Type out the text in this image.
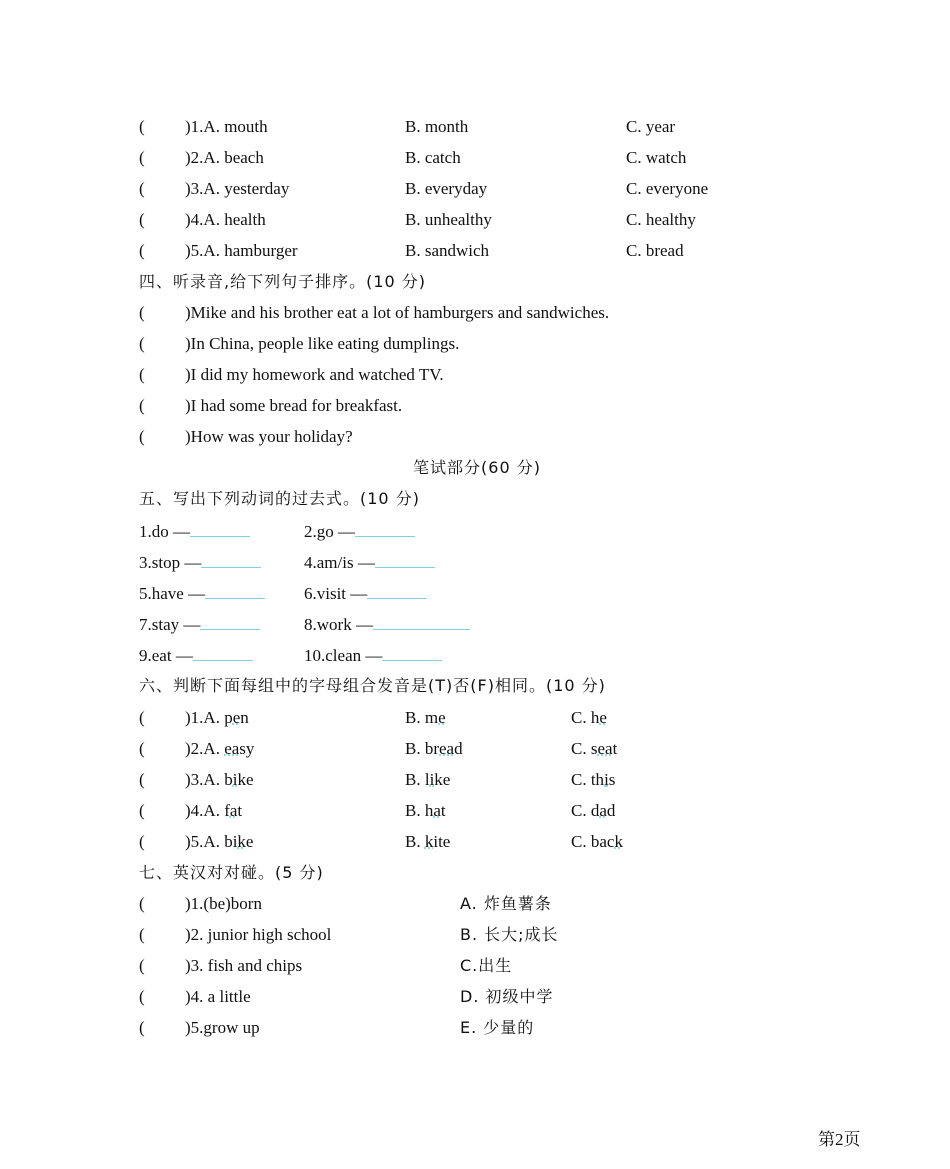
( )1.A. mouth	B. month	C. year
( )2.A. beach	B. catch	C. watch
( )3.A. yesterday	B. everyday	C. everyone
( )4.A. health	B. unhealthy	C. healthy
( )5.A. hamburger	B. sandwich	C. bread
四、听录音,给下列句子排序。(10 分)
( )Mike and his brother eat a lot of hamburgers and sandwiches.
( )In China, people like eating dumplings.
( )I did my homework and watched TV.
( )I had some bread for breakfast.
( )How was your holiday?
笔试部分(60 分)
五、写出下列动词的过去式。(10 分)
1.do —	2.go —
3.stop —	4.am/is —
5.have —	6.visit —
7.stay —	8.work —
9.eat —	10.clean —
六、判断下面每组中的字母组合发音是(T)否(F)相同。(10 分)
( )1.A. pen	B. me	C. he
( )2.A. easy	B. bread	C. seat
( )3.A. bike	B. like	C. this
( )4.A. fat	B. hat	C. dad
( )5.A. bike	B. kite	C. back
七、英汉对对碰。(5 分)
( )1.(be)born	A. 炸鱼薯条
( )2. junior high school	B. 长大;成长
( )3. fish and chips	C.出生
( )4. a little	D. 初级中学
( )5.grow up	E. 少量的
第2页
